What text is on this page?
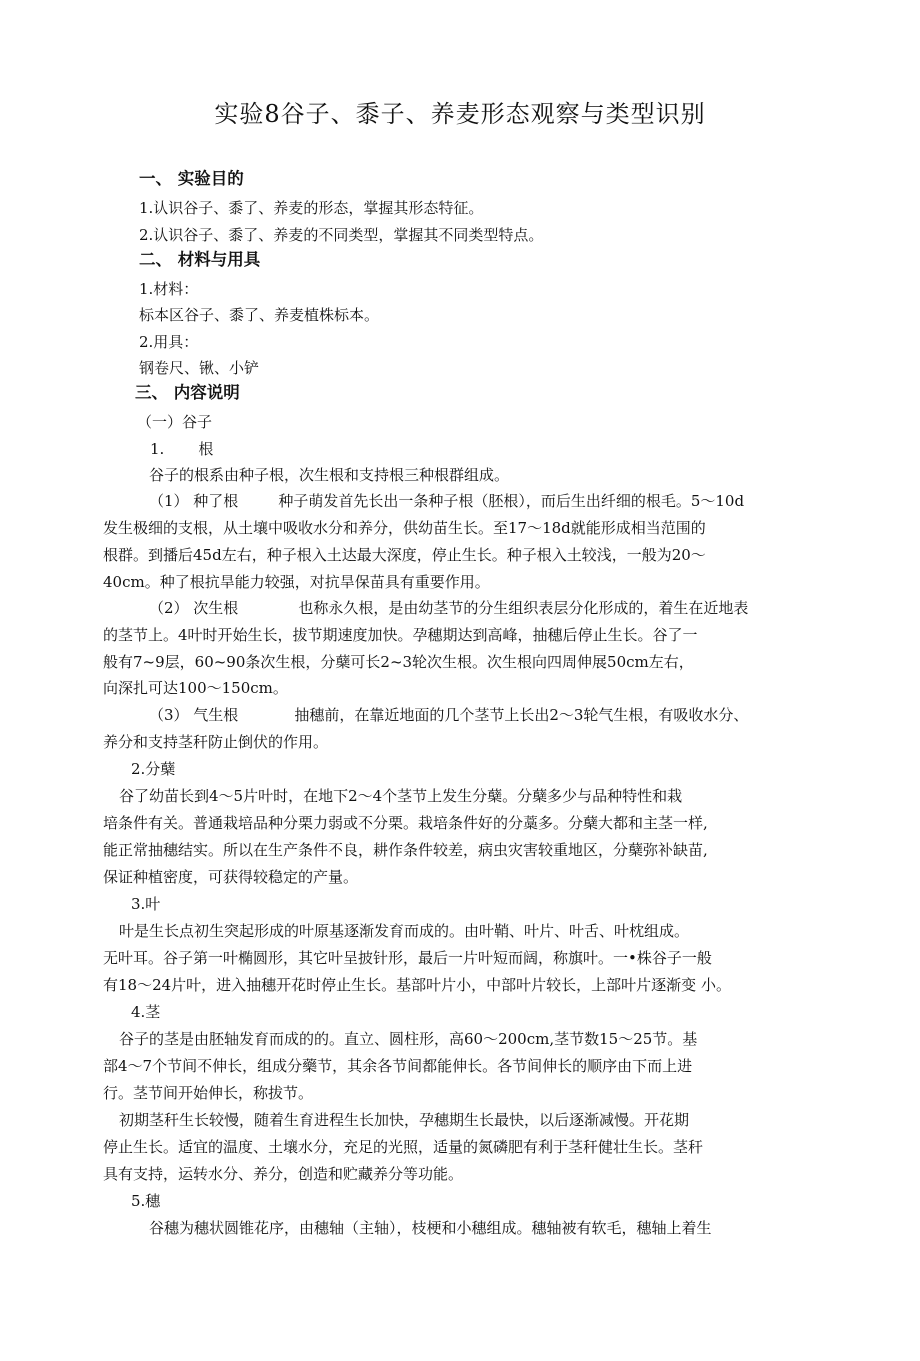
实验8谷子、黍子、养麦形态观察与类型识别
一、 实验目的
1.认识谷子、黍了、养麦的形态，掌握其形态特征。
2.认识谷子、黍了、养麦的不同类型，掌握其不同类型特点。
二、 材料与用具
1.材料：
标本区谷子、黍了、养麦植株标本。
2.用具：
钢卷尺、锹、小铲
三、 内容说明
（一）谷子
1. 根
谷子的根系由种子根，次生根和支持根三种根群组成。
（1） 种了根	种子萌发首先长出一条种子根（胚根），而后生出纤细的根毛。5～10d
发生极细的支根，从土壤中吸收水分和养分，供幼苗生长。至17～18d就能形成相当范围的
根群。到播后45d左右，种子根入土达最大深度，停止生长。种子根入土较浅，一般为20～
40cm。种了根抗旱能力较强，对抗旱保苗具有重要作用。
（2） 次生根	也称永久根，是由幼茎节的分生组织表层分化形成的，着生在近地表
的茎节上。4叶时开始生长，拔节期速度加快。孕穗期达到高峰，抽穗后停止生长。谷了一
般有7~9层，60~90条次生根，分蘖可长2~3轮次生根。次生根向四周伸展50cm左右，
向深扎可达100～150cm。
（3） 气生根	抽穗前，在靠近地面的几个茎节上长出2～3轮气生根，有吸收水分、
养分和支持茎秆防止倒伏的作用。
2.分蘖
谷了幼苗长到4～5片叶时，在地下2～4个茎节上发生分蘖。分蘖多少与品种特性和栽
培条件有关。普通栽培品种分栗力弱或不分栗。栽培条件好的分藁多。分蘖大都和主茎一样,
能正常抽穗结实。所以在生产条件不良，耕作条件较差，病虫灾害较重地区，分蘖弥补缺苗,
保证种植密度，可获得较稳定的产量。
3.叶
叶是生长点初生突起形成的叶原基逐渐发育而成的。由叶鞘、叶片、叶舌、叶枕组成。
无叶耳。谷子第一叶椭圆形，其它叶呈披针形，最后一片叶短而阔，称旗叶。一•株谷子一般
有18～24片叶，进入抽穗开花时停止生长。基部叶片小，中部叶片较长，上部叶片逐渐变 小。
4.茎
谷子的茎是由胚轴发育而成的的。直立、圆柱形，高60～200cm,茎节数15～25节。基
部4～7个节间不伸长，组成分藥节，其余各节间都能伸长。各节间伸长的顺序由下而上进
行。茎节间开始伸长，称拔节。
初期茎秆生长较慢，随着生育进程生长加快，孕穗期生长最快，以后逐渐减慢。开花期
停止生长。适宜的温度、土壤水分，充足的光照，适量的氮磷肥有利于茎秆健壮生长。茎秆
具有支持，运转水分、养分，创造和贮藏养分等功能。
5.穗
谷穗为穗状圆锥花序，由穗轴（主轴），枝梗和小穗组成。穗轴被有软毛，穗轴上着生
